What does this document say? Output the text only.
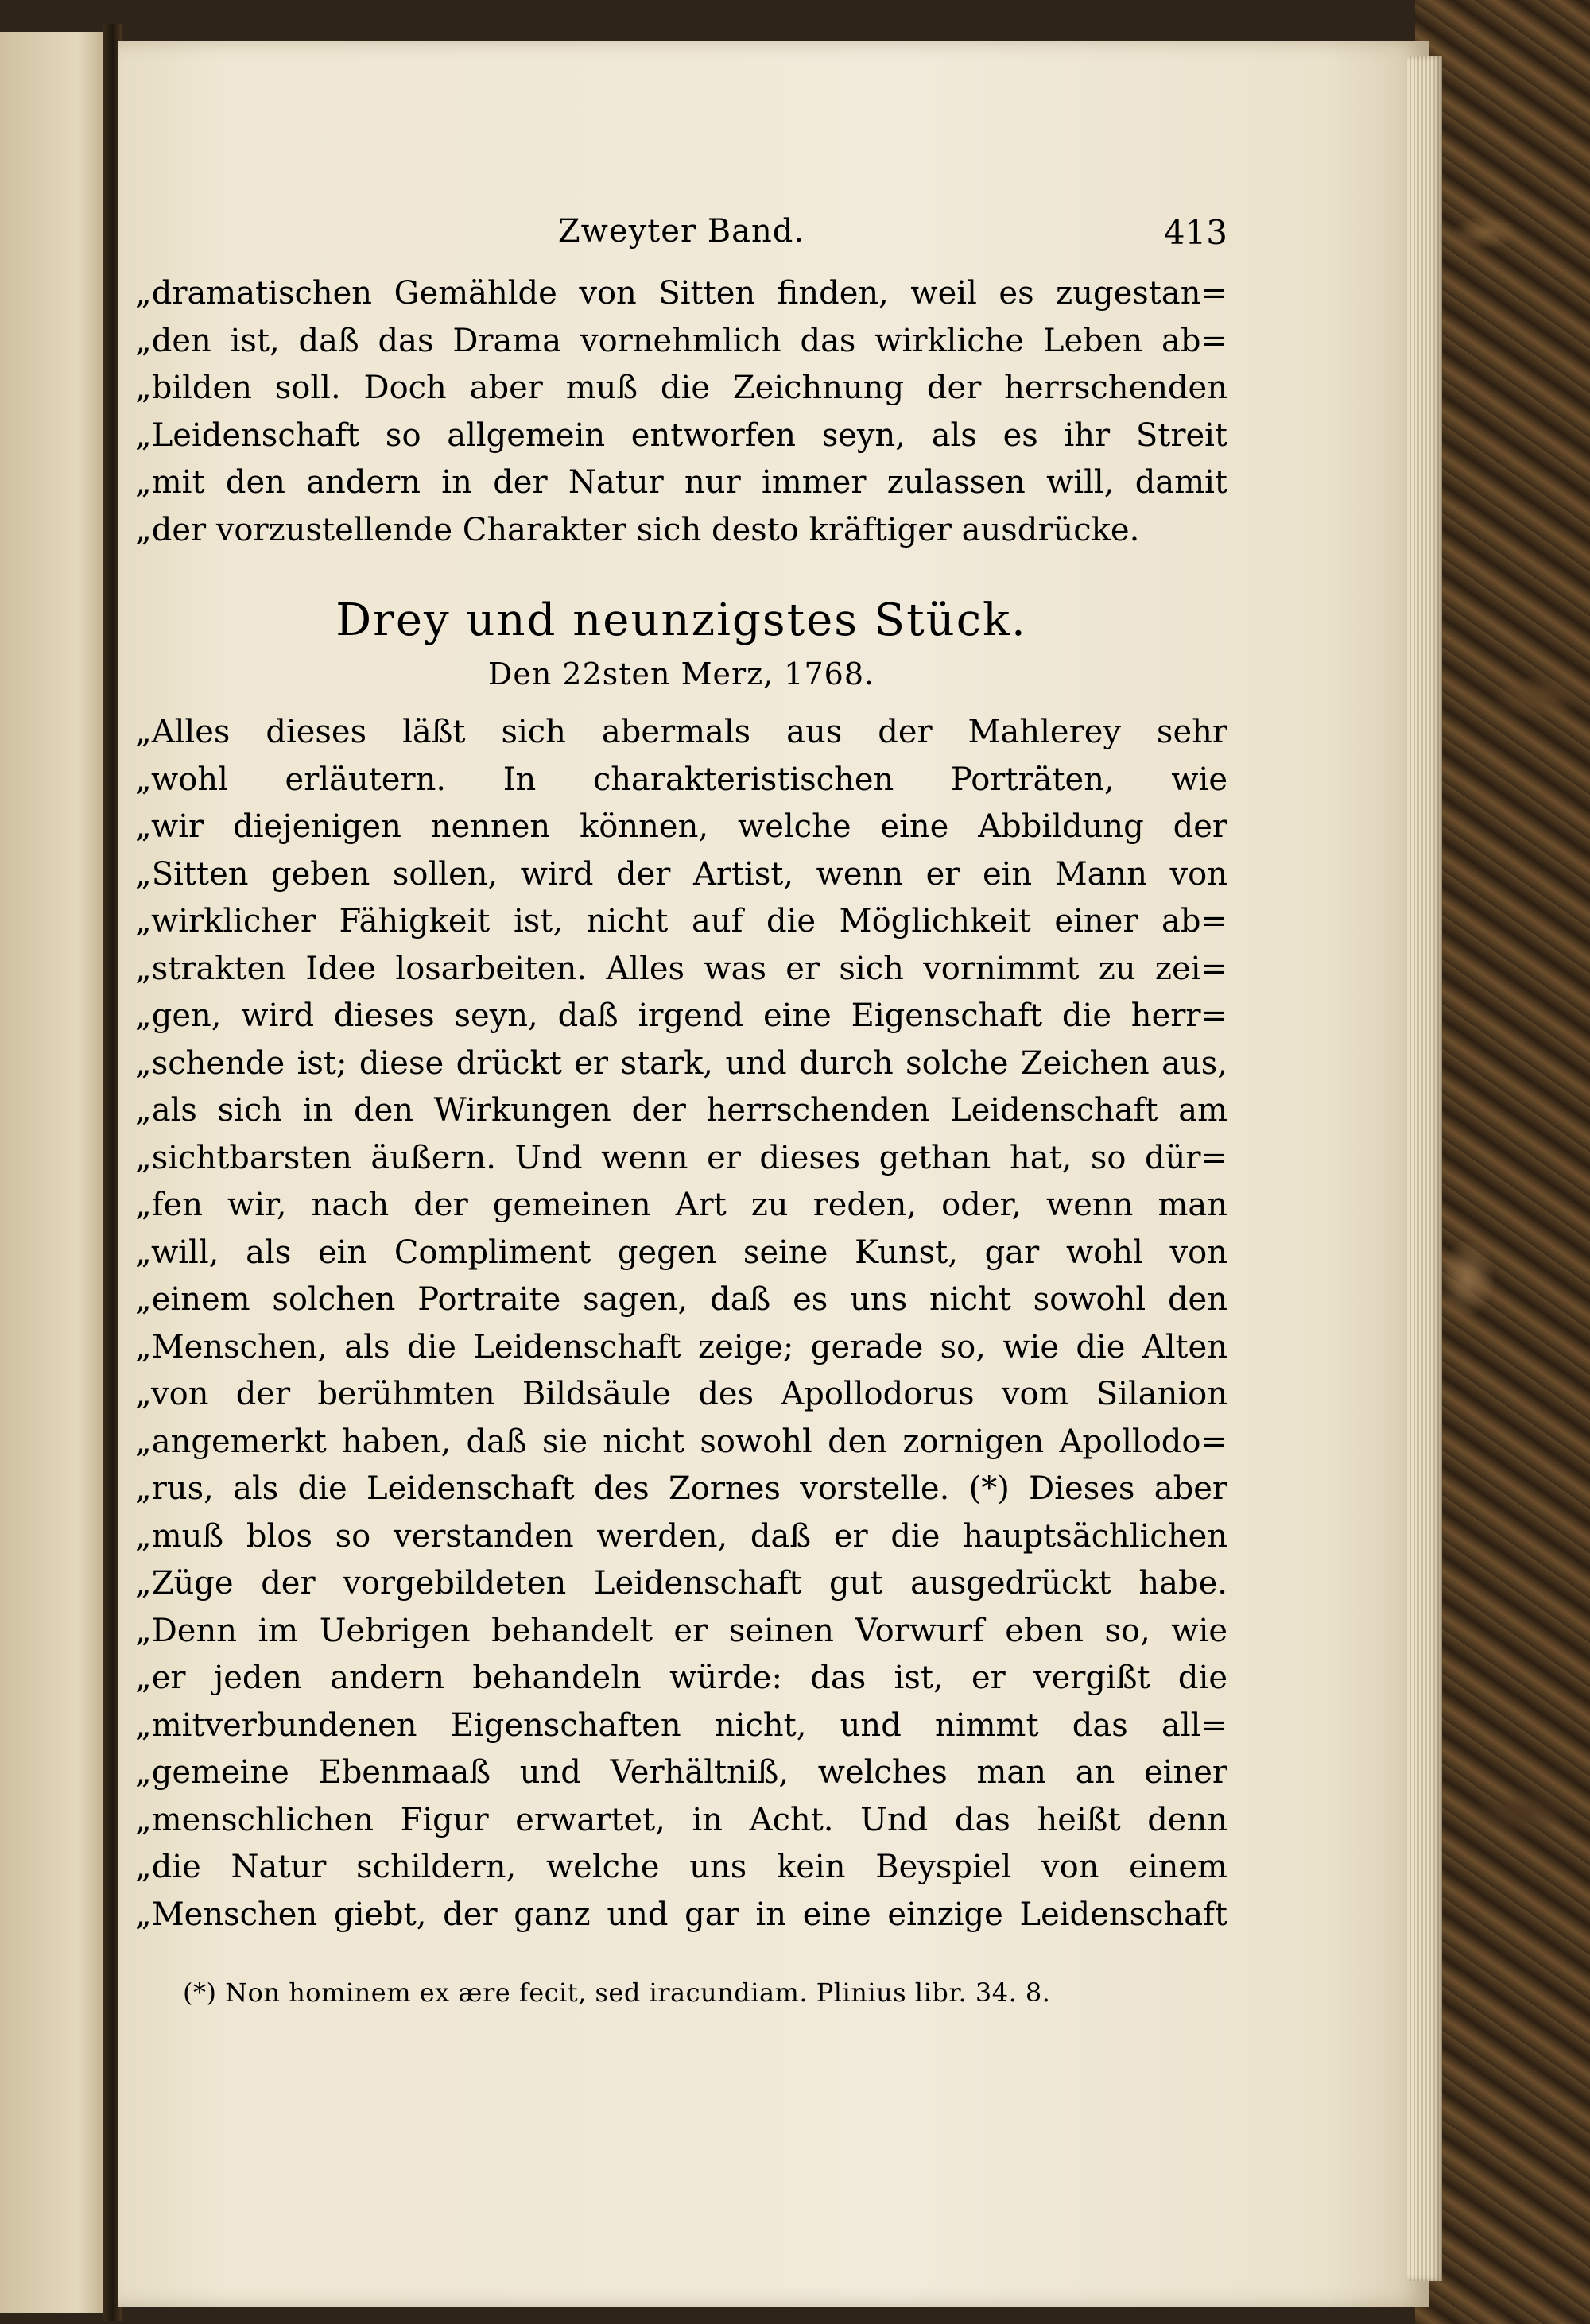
Zweyter Band.	413
„dramatischen Gemählde von Sitten finden, weil es zugestan=
„den ist, daß das Drama vornehmlich das wirkliche Leben ab=
„bilden soll. Doch aber muß die Zeichnung der herrschenden
„Leidenschaft so allgemein entworfen seyn, als es ihr Streit
„mit den andern in der Natur nur immer zulassen will, damit
„der vorzustellende Charakter sich desto kräftiger ausdrücke.
Drey und neunzigstes Stück.
Den 22sten Merz, 1768.
„Alles dieses läßt sich abermals aus der Mahlerey sehr
„wohl erläutern. In charakteristischen Porträten, wie
„wir diejenigen nennen können, welche eine Abbildung der
„Sitten geben sollen, wird der Artist, wenn er ein Mann von
„wirklicher Fähigkeit ist, nicht auf die Möglichkeit einer ab=
„strakten Idee losarbeiten. Alles was er sich vornimmt zu zei=
„gen, wird dieses seyn, daß irgend eine Eigenschaft die herr=
„schende ist; diese drückt er stark, und durch solche Zeichen aus,
„als sich in den Wirkungen der herrschenden Leidenschaft am
„sichtbarsten äußern. Und wenn er dieses gethan hat, so dür=
„fen wir, nach der gemeinen Art zu reden, oder, wenn man
„will, als ein Compliment gegen seine Kunst, gar wohl von
„einem solchen Portraite sagen, daß es uns nicht sowohl den
„Menschen, als die Leidenschaft zeige; gerade so, wie die Alten
„von der berühmten Bildsäule des Apollodorus vom Silanion
„angemerkt haben, daß sie nicht sowohl den zornigen Apollodo=
„rus, als die Leidenschaft des Zornes vorstelle. (*) Dieses aber
„muß blos so verstanden werden, daß er die hauptsächlichen
„Züge der vorgebildeten Leidenschaft gut ausgedrückt habe.
„Denn im Uebrigen behandelt er seinen Vorwurf eben so, wie
„er jeden andern behandeln würde: das ist, er vergißt die
„mitverbundenen Eigenschaften nicht, und nimmt das all=
„gemeine Ebenmaaß und Verhältniß, welches man an einer
„menschlichen Figur erwartet, in Acht. Und das heißt denn
„die Natur schildern, welche uns kein Beyspiel von einem
„Menschen giebt, der ganz und gar in eine einzige Leidenschaft
(*) Non hominem ex ære fecit, sed iracundiam. Plinius libr. 34. 8.
